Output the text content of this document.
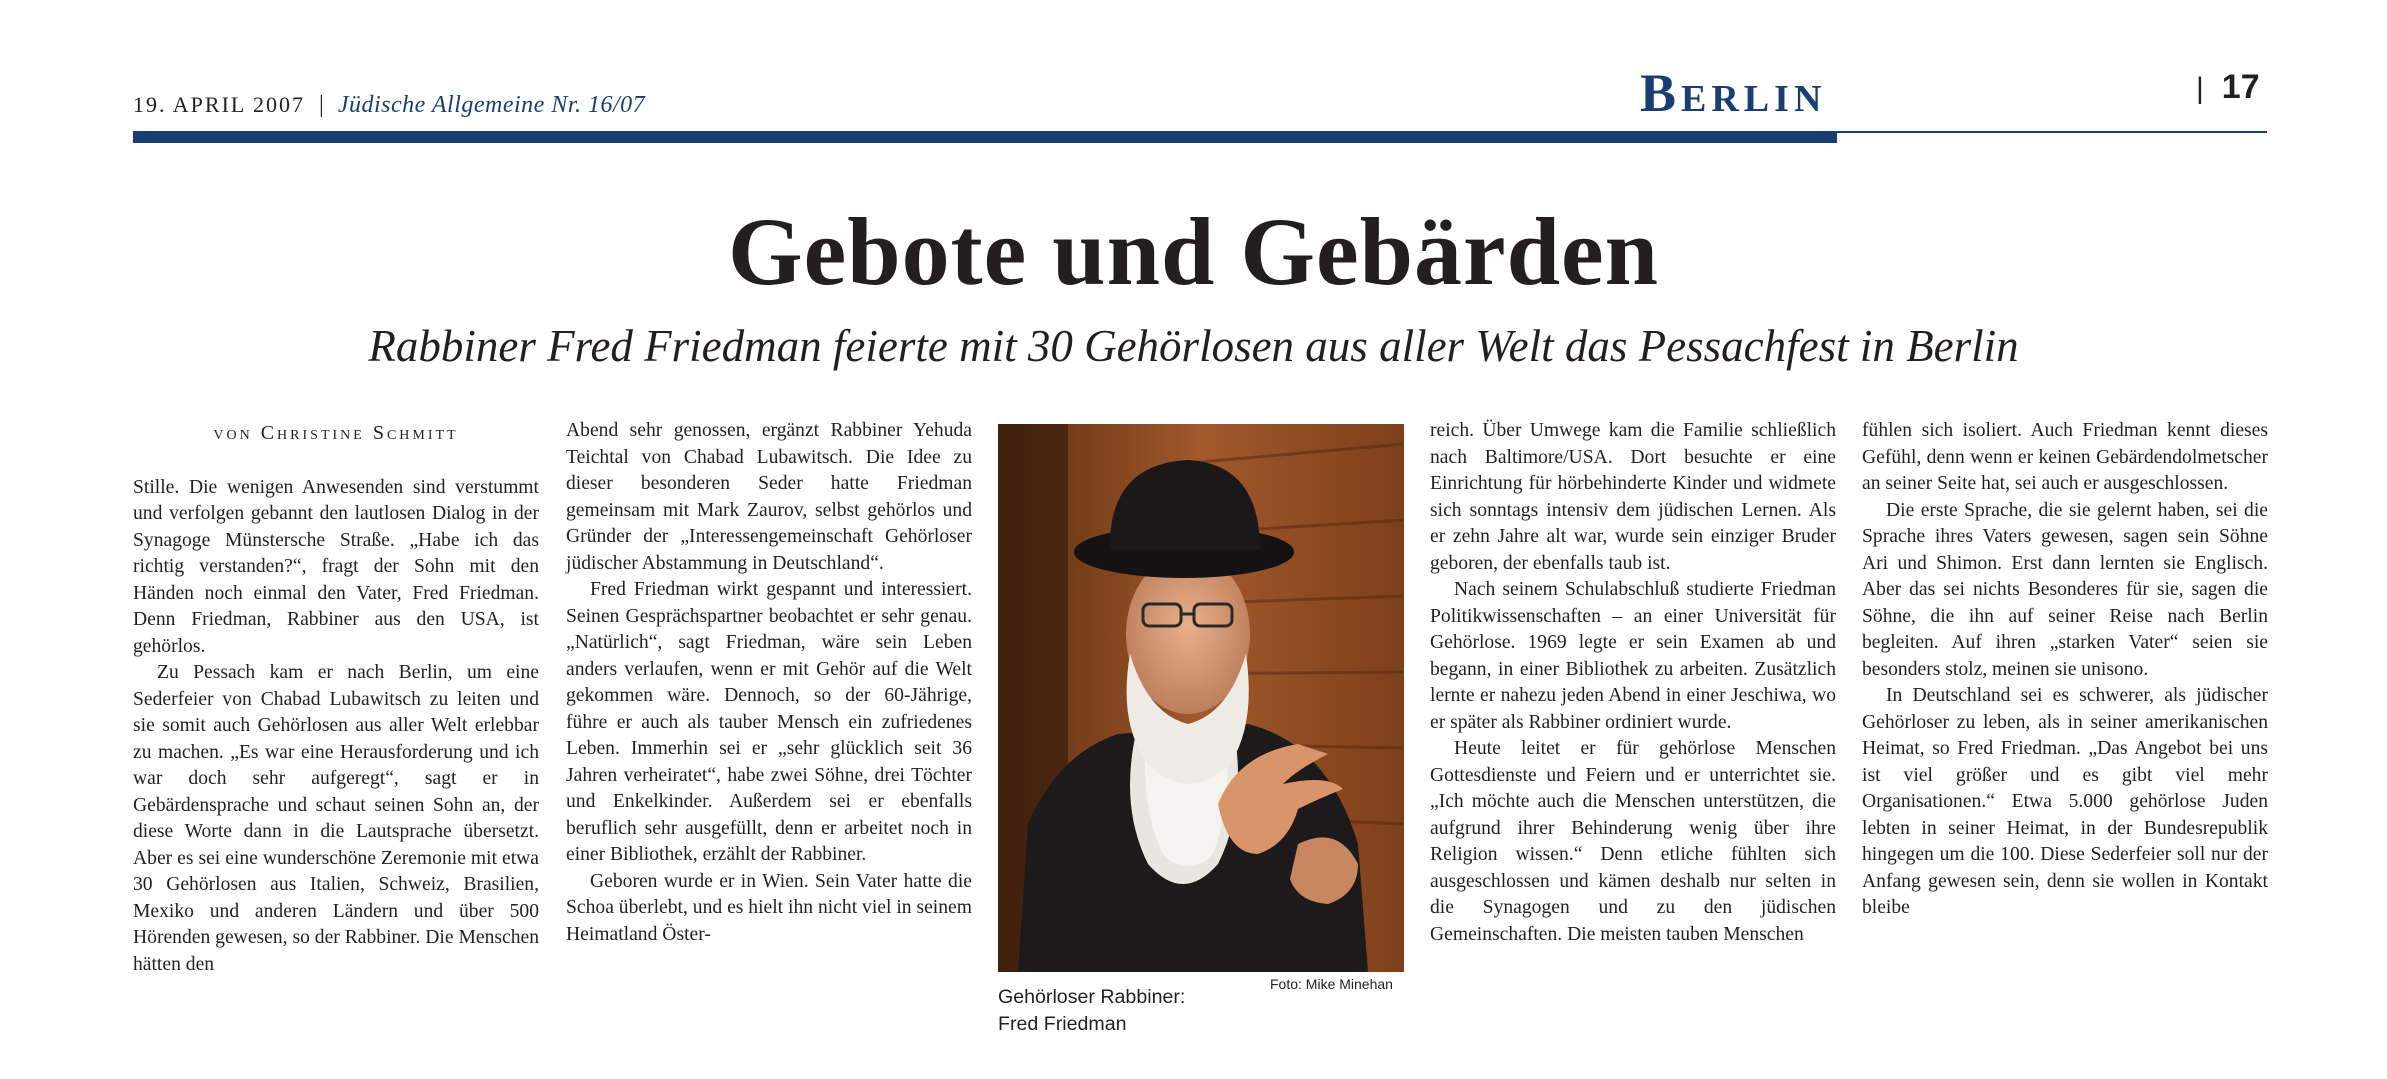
19. APRIL 2007 | Jüdische Allgemeine Nr. 16/07	Berlin	| 17
Gebote und Gebärden
Rabbiner Fred Friedman feierte mit 30 Gehörlosen aus aller Welt das Pessachfest in Berlin

von Christine Schmitt

Stille. Die wenigen Anwesenden sind verstummt und verfolgen gebannt den lautlosen Dialog in der Synagoge Münstersche Straße. „Habe ich das richtig verstanden?“, fragt der Sohn mit den Händen noch einmal den Vater, Fred Friedman. Denn Friedman, Rabbiner aus den USA, ist gehörlos.

Zu Pessach kam er nach Berlin, um eine Sederfeier von Chabad Lubawitsch zu leiten und sie somit auch Gehörlosen aus aller Welt erlebbar zu machen. „Es war eine Herausforderung und ich war doch sehr aufgeregt“, sagt er in Gebärdensprache und schaut seinen Sohn an, der diese Worte dann in die Lautsprache übersetzt. Aber es sei eine wunderschöne Zeremonie mit etwa 30 Gehörlosen aus Italien, Schweiz, Brasilien, Mexiko und anderen Ländern und über 500 Hörenden gewesen, so der Rabbiner. Die Menschen hätten den

Abend sehr genossen, ergänzt Rabbiner Yehuda Teichtal von Chabad Lubawitsch. Die Idee zu dieser besonderen Seder hatte Friedman gemeinsam mit Mark Zaurov, selbst gehörlos und Gründer der „Interessengemeinschaft Gehörloser jüdischer Abstammung in Deutschland“.

Fred Friedman wirkt gespannt und interessiert. Seinen Gesprächspartner beobachtet er sehr genau. „Natürlich“, sagt Friedman, wäre sein Leben anders verlaufen, wenn er mit Gehör auf die Welt gekommen wäre. Dennoch, so der 60-Jährige, führe er auch als tauber Mensch ein zufriedenes Leben. Immerhin sei er „sehr glücklich seit 36 Jahren verheiratet“, habe zwei Söhne, drei Töchter und Enkelkinder. Außerdem sei er ebenfalls beruflich sehr ausgefüllt, denn er arbeitet noch in einer Bibliothek, erzählt der Rabbiner.

Geboren wurde er in Wien. Sein Vater hatte die Schoa überlebt, und es hielt ihn nicht viel in seinem Heimatland Öster-

Foto: Mike Minehan
Gehörloser Rabbiner:
Fred Friedman

reich. Über Umwege kam die Familie schließlich nach Baltimore/USA. Dort besuchte er eine Einrichtung für hörbehinderte Kinder und widmete sich sonntags intensiv dem jüdischen Lernen. Als er zehn Jahre alt war, wurde sein einziger Bruder geboren, der ebenfalls taub ist.

Nach seinem Schulabschluß studierte Friedman Politikwissenschaften – an einer Universität für Gehörlose. 1969 legte er sein Examen ab und begann, in einer Bibliothek zu arbeiten. Zusätzlich lernte er nahezu jeden Abend in einer Jeschiwa, wo er später als Rabbiner ordiniert wurde.

Heute leitet er für gehörlose Menschen Gottesdienste und Feiern und er unterrichtet sie. „Ich möchte auch die Menschen unterstützen, die aufgrund ihrer Behinderung wenig über ihre Religion wissen.“ Denn etliche fühlten sich ausgeschlossen und kämen deshalb nur selten in die Synagogen und zu den jüdischen Gemeinschaften. Die meisten tauben Menschen

fühlen sich isoliert. Auch Friedman kennt dieses Gefühl, denn wenn er keinen Gebärdendolmetscher an seiner Seite hat, sei auch er ausgeschlossen.

Die erste Sprache, die sie gelernt haben, sei die Sprache ihres Vaters gewesen, sagen sein Söhne Ari und Shimon. Erst dann lernten sie Englisch. Aber das sei nichts Besonderes für sie, sagen die Söhne, die ihn auf seiner Reise nach Berlin begleiten. Auf ihren „starken Vater“ seien sie besonders stolz, meinen sie unisono.

In Deutschland sei es schwerer, als jüdischer Gehörloser zu leben, als in seiner amerikanischen Heimat, so Fred Friedman. „Das Angebot bei uns ist viel größer und es gibt viel mehr Organisationen.“ Etwa 5.000 gehörlose Juden lebten in seiner Heimat, in der Bundesrepublik hingegen um die 100. Diese Sederfeier soll nur der Anfang gewesen sein, denn sie wollen in Kontakt bleibe
